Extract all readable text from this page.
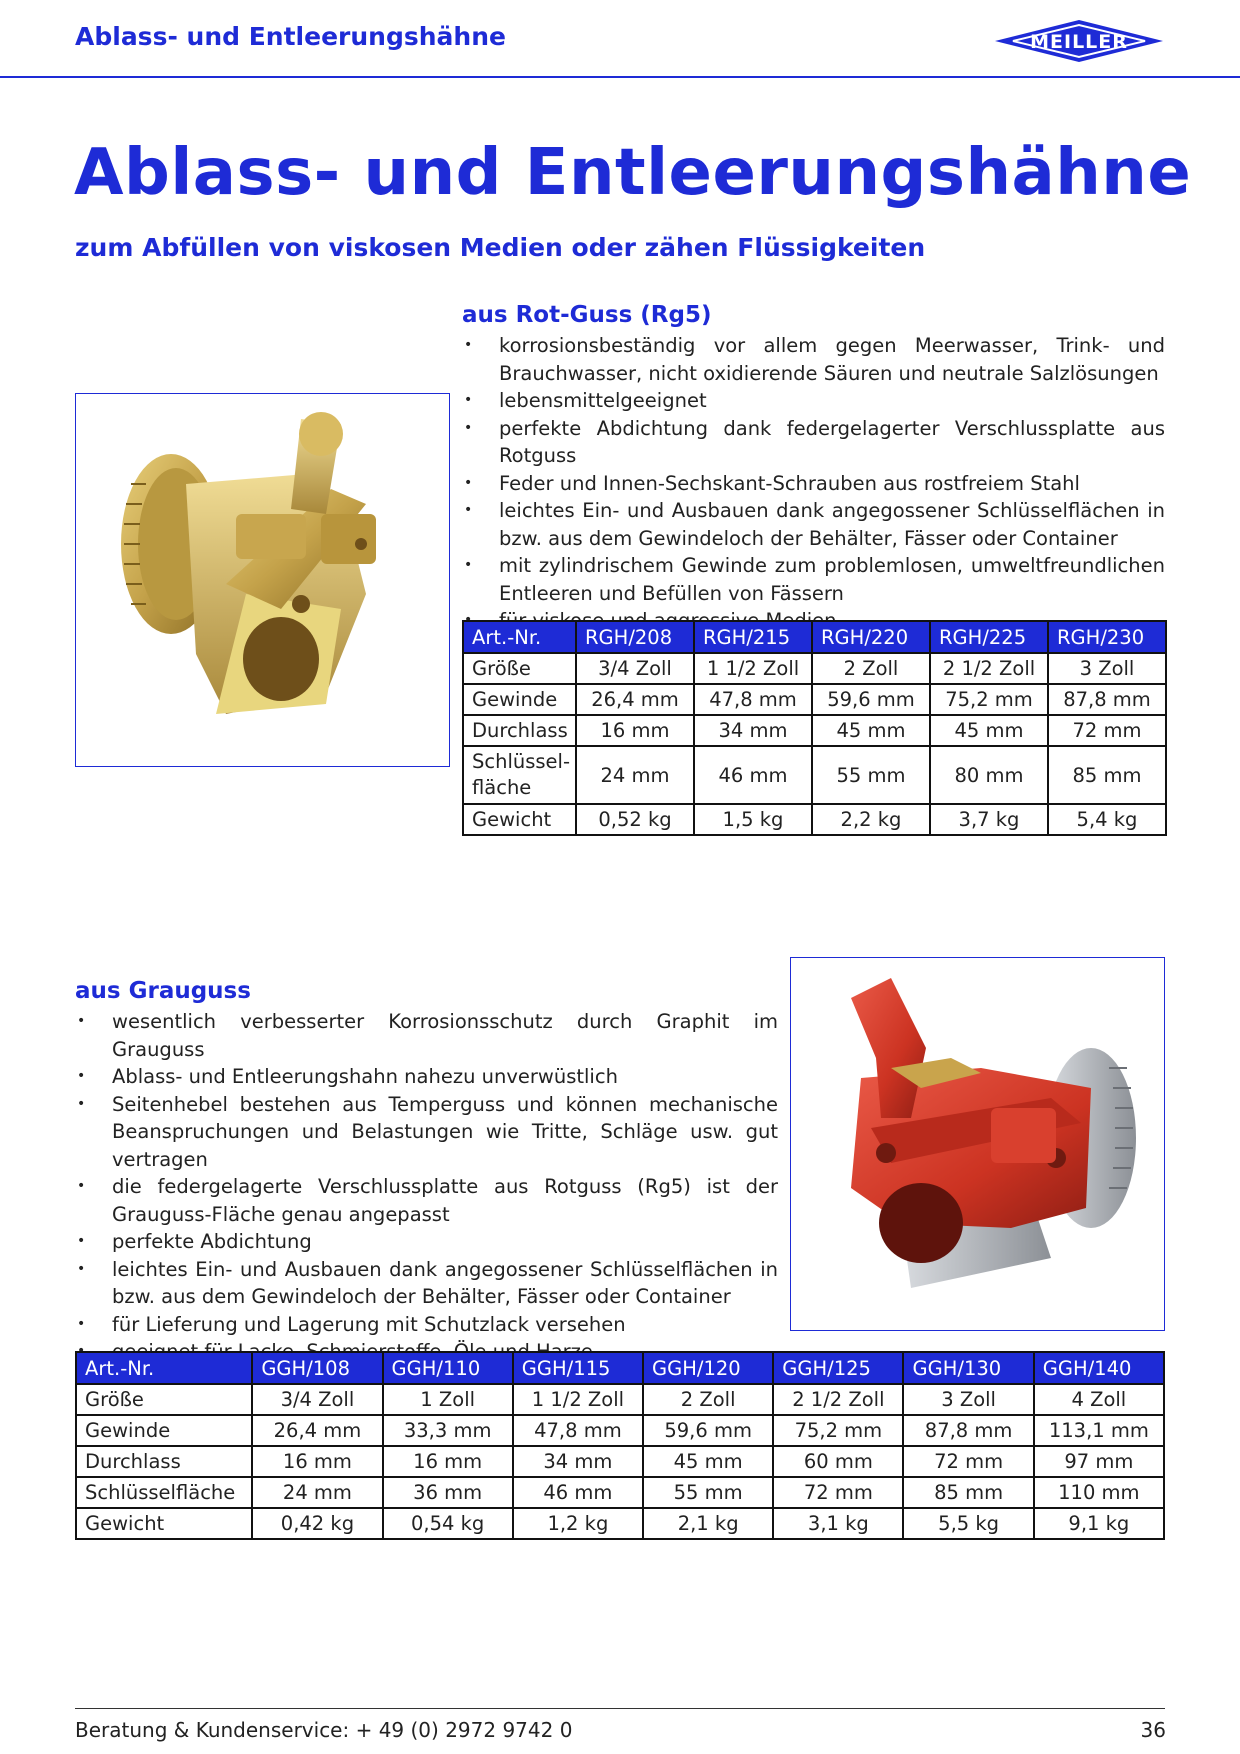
Ablass- und Entleerungshähne	MEILLER
Ablass- und Entleerungshähne
zum Abfüllen von viskosen Medien oder zähen Flüssigkeiten
aus Rot-Guss (Rg5)
• korrosionsbeständig vor allem gegen Meerwasser, Trink- und Brauchwasser, nicht oxidierende Säuren und neutrale Salzlösungen
• lebensmittelgeeignet
• perfekte Abdichtung dank federgelagerter Verschlussplatte aus Rotguss
• Feder und Innen-Sechskant-Schrauben aus rostfreiem Stahl
• leichtes Ein- und Ausbauen dank angegossener Schlüsselflächen in bzw. aus dem Gewindeloch der Behälter, Fässer oder Container
• mit zylindrischem Gewinde zum problemlosen, umweltfreundlichen Entleeren und Befüllen von Fässern
•
Art.-Nr.	RGH/208	RGH/215	RGH/220	RGH/225	RGH/230
Größe	3/4 Zoll	1 1/2 Zoll	2 Zoll	2 1/2 Zoll	3 Zoll
Gewinde	26,4 mm	47,8 mm	59,6 mm	75,2 mm	87,8 mm
Durchlass	16 mm	34 mm	45 mm	45 mm	72 mm
Schlüssel-
fläche	24 mm	46 mm	55 mm	80 mm	85 mm
Gewicht	0,52 kg	1,5 kg	2,2 kg	3,7 kg	5,4 kg
aus Grauguss
• wesentlich verbesserter Korrosionsschutz durch Graphit im Grauguss
• Ablass- und Entleerungshahn nahezu unverwüstlich
• Seitenhebel bestehen aus Temperguss und können mechanische Beanspruchungen und Belastungen wie Tritte, Schläge usw. gut vertragen
• die federgelagerte Verschlussplatte aus Rotguss (Rg5) ist der Grauguss-Fläche genau angepasst
• perfekte Abdichtung
• leichtes Ein- und Ausbauen dank angegossener Schlüsselflächen in bzw. aus dem Gewindeloch der Behälter, Fässer oder Container
• für Lieferung und Lagerung mit Schutzlack versehen
•
Art.-Nr.	GGH/108	GGH/110	GGH/115	GGH/120	GGH/125	GGH/130	GGH/140
Größe	3/4 Zoll	1 Zoll	1 1/2 Zoll	2 Zoll	2 1/2 Zoll	3 Zoll	4 Zoll
Gewinde	26,4 mm	33,3 mm	47,8 mm	59,6 mm	75,2 mm	87,8 mm	113,1 mm
Durchlass	16 mm	16 mm	34 mm	45 mm	60 mm	72 mm	97 mm
Schlüsselfläche	24 mm	36 mm	46 mm	55 mm	72 mm	85 mm	110 mm
Gewicht	0,42 kg	0,54 kg	1,2 kg	2,1 kg	3,1 kg	5,5 kg	9,1 kg
Beratung & Kundenservice: + 49 (0) 2972 9742 0	36
